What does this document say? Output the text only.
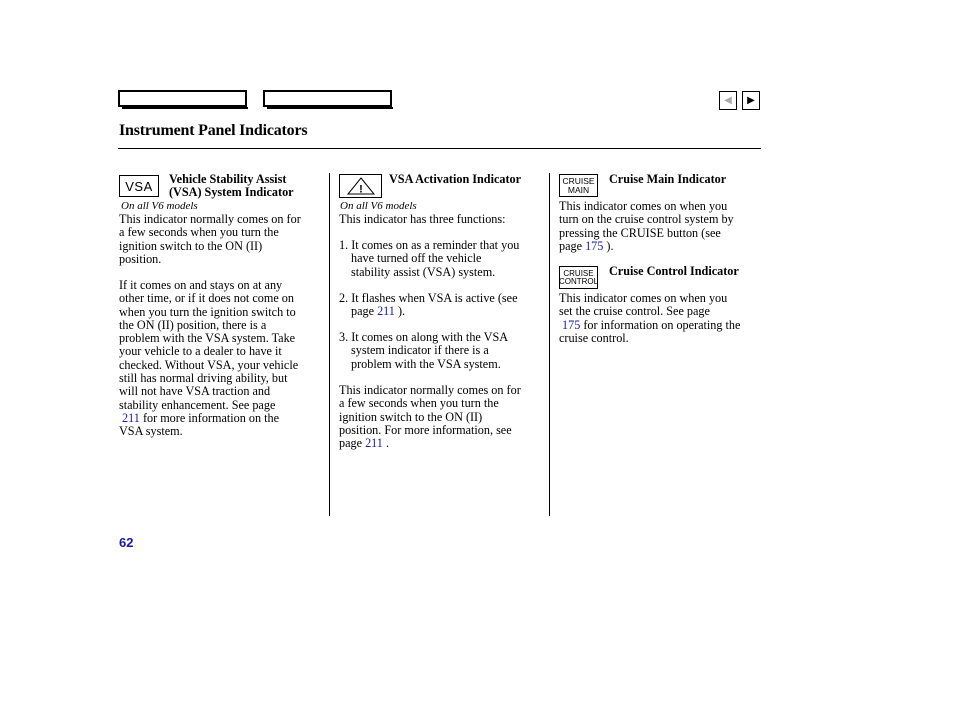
◀ ▶
Instrument Panel Indicators
VSA Vehicle Stability Assist
(VSA) System Indicator
On all V6 models
This indicator normally comes on for
a few seconds when you turn the
ignition switch to the ON (II)
position.
If it comes on and stays on at any
other time, or if it does not come on
when you turn the ignition switch to
the ON (II) position, there is a
problem with the VSA system. Take
your vehicle to a dealer to have it
checked. Without VSA, your vehicle
still has normal driving ability, but
will not have VSA traction and
stability enhancement. See page
211 for more information on the
VSA system.
!
VSA Activation Indicator
On all V6 models
This indicator has three functions:
1. It comes on as a reminder that you
have turned off the vehicle
stability assist (VSA) system.
2. It flashes when VSA is active (see
page 211 ).
3. It comes on along with the VSA
system indicator if there is a
problem with the VSA system.
This indicator normally comes on for
a few seconds when you turn the
ignition switch to the ON (II)
position. For more information, see
page 211 .
CRUISE
MAIN
Cruise Main Indicator
This indicator comes on when you
turn on the cruise control system by
pressing the CRUISE button (see
page 175 ).
CRUISE
CONTROL
Cruise Control Indicator
This indicator comes on when you
set the cruise control. See page
175 for information on operating the
cruise control.
62
